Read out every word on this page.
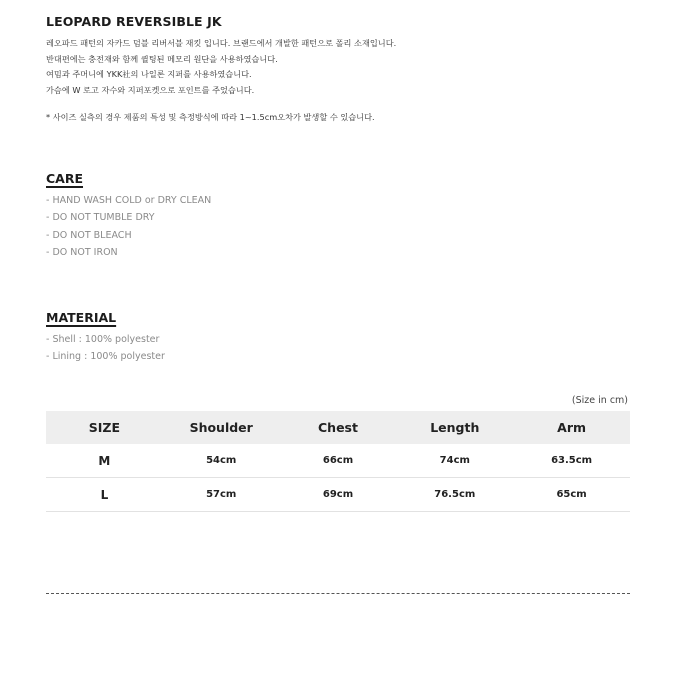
LEOPARD REVERSIBLE JK
레오파드 패턴의 자카드 덤블 리버서블 재킷 입니다. 브랜드에서 개발한 패턴으로 폴리 소재입니다.
반대편에는 충전재와 함께 퀼팅된 메모리 원단을 사용하였습니다.
여밈과 주머니에 YKK社의 나일론 지퍼를 사용하였습니다.
가슴에 W 로고 자수와 지퍼포켓으로 포인트를 주었습니다.
* 사이즈 실측의 경우 제품의 특성 및 측정방식에 따라 1~1.5cm오차가 발생할 수 있습니다.
CARE
- HAND WASH COLD or DRY CLEAN
- DO NOT TUMBLE DRY
- DO NOT BLEACH
- DO NOT IRON
MATERIAL
- Shell : 100% polyester
- Lining : 100% polyester
(Size in cm)
SIZE	Shoulder	Chest	Length	Arm
M	54cm	66cm	74cm	63.5cm
L	57cm	69cm	76.5cm	65cm
